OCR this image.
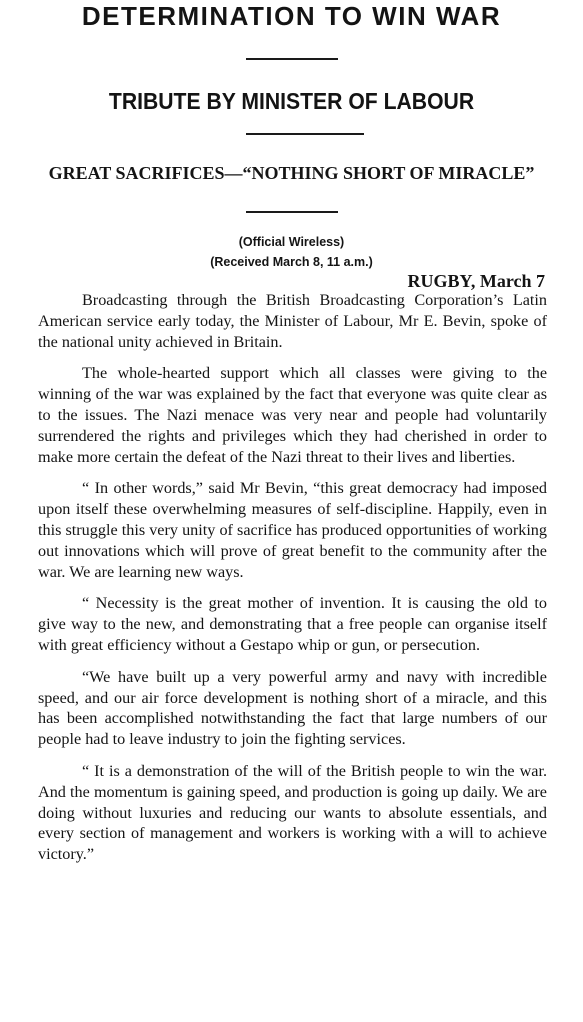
DETERMINATION TO WIN WAR
TRIBUTE BY MINISTER OF LABOUR
GREAT SACRIFICES—“NOTHING SHORT OF MIRACLE”
(Official Wireless)
(Received March 8, 11 a.m.)
RUGBY, March 7

Broadcasting through the British Broadcasting Corporation’s Latin American service early today, the Minister of Labour, Mr E. Bevin, spoke of the national unity achieved in Britain.

The whole-hearted support which all classes were giving to the winning of the war was explained by the fact that everyone was quite clear as to the issues. The Nazi menace was very near and people had voluntarily surrendered the rights and privileges which they had cherished in order to make more certain the defeat of the Nazi threat to their lives and liberties.

“ In other words,” said Mr Bevin, “this great democracy had imposed upon itself these overwhelming measures of self-discipline. Happily, even in this struggle this very unity of sacrifice has produced opportunities of working out innovations which will prove of great benefit to the community after the war. We are learning new ways.

“ Necessity is the great mother of invention. It is causing the old to give way to the new, and demonstrating that a free people can organise itself with great efficiency without a Gestapo whip or gun, or persecution.

“We have built up a very powerful army and navy with incredible speed, and our air force development is nothing short of a miracle, and this has been accomplished notwithstanding the fact that large numbers of our people had to leave industry to join the fighting services.

“ It is a demonstration of the will of the British people to win the war. And the momentum is gaining speed, and production is going up daily. We are doing without luxuries and reducing our wants to absolute essentials, and every section of management and workers is working with a will to achieve victory.”
